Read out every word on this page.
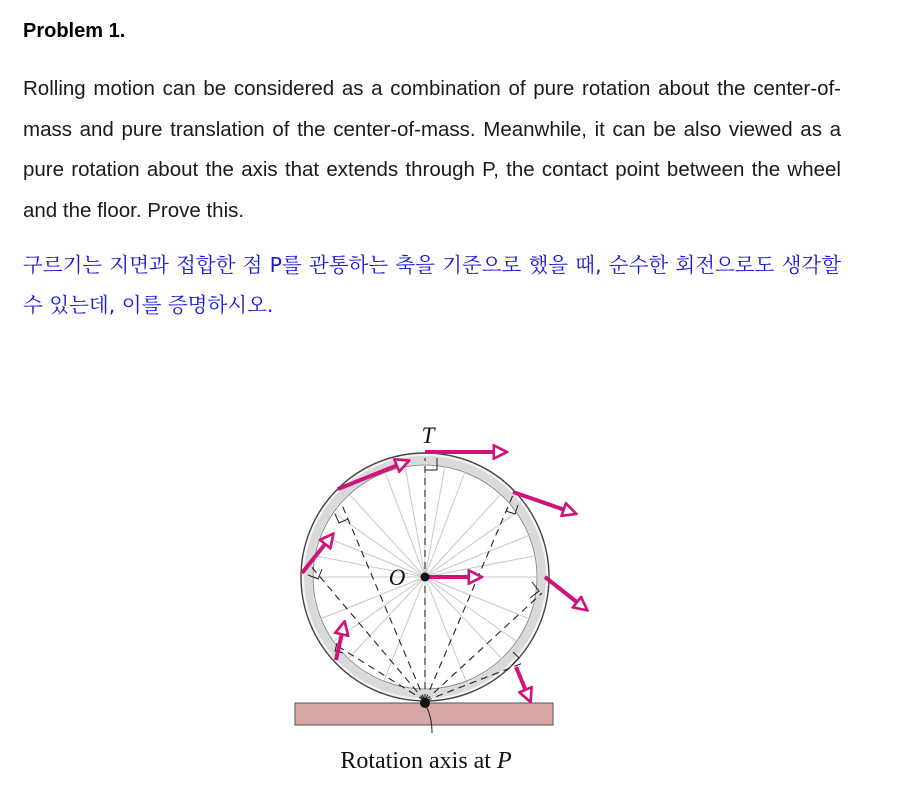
Problem 1.
Rolling motion can be considered as a combination of pure rotation about the center-of-mass and pure translation of the center-of-mass. Meanwhile, it can be also viewed as a pure rotation about the axis that extends through P, the contact point between the wheel and the floor. Prove this.
구르기는 지면과 접합한 점 P를 관통하는 축을 기준으로 했을 때, 순수한 회전으로도 생각할 수 있는데, 이를 증명하시오.
T
O
Rotation axis at P
